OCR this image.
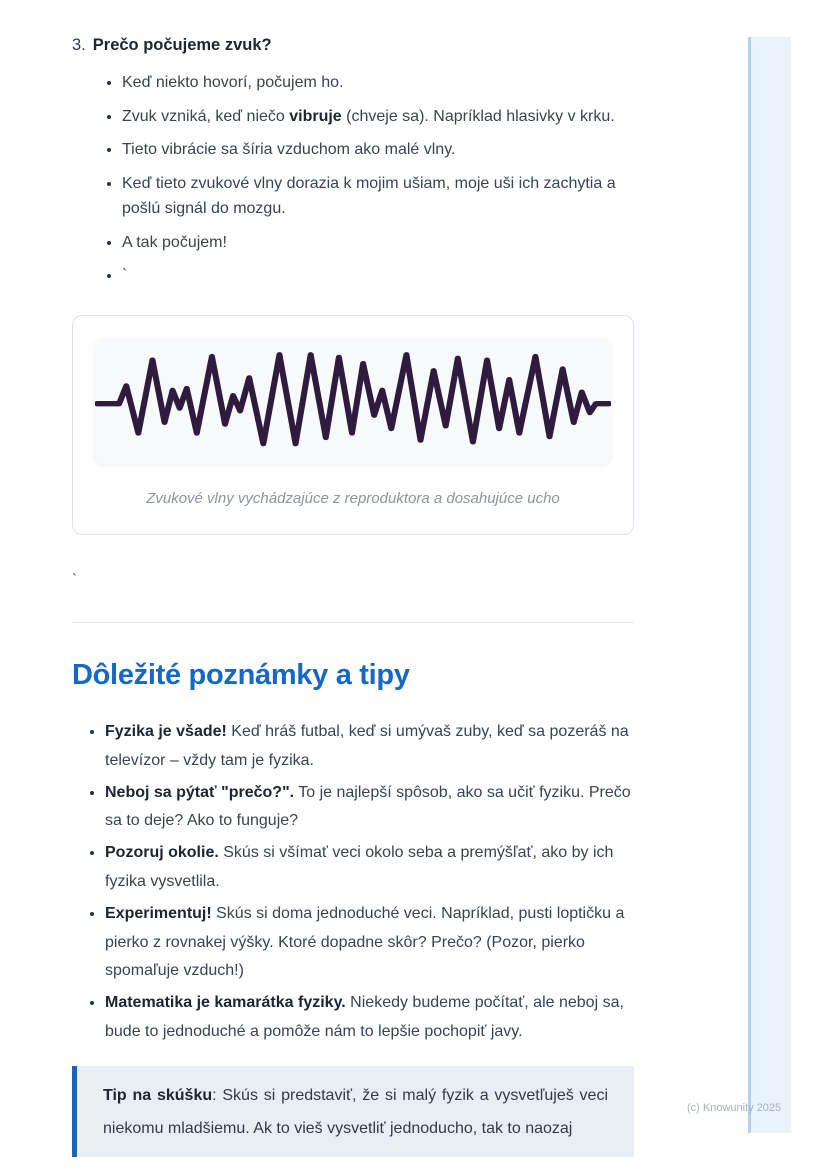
(c) Knowunity 2025
3. Prečo počujeme zvuk?
• Keď niekto hovorí, počujem ho.
• Zvuk vzniká, keď niečo vibruje (chveje sa). Napríklad hlasivky v krku.
• Tieto vibrácie sa šíria vzduchom ako malé vlny.
• Keď tieto zvukové vlny dorazia k mojim ušiam, moje uši ich zachytia a pošlú signál do mozgu.
• A tak počujem!
• `
Zvukové vlny vychádzajúce z reproduktora a dosahujúce ucho
`
Dôležité poznámky a tipy
• Fyzika je všade! Keď hráš futbal, keď si umývaš zuby, keď sa pozeráš na televízor – vždy tam je fyzika.
• Neboj sa pýtať "prečo?". To je najlepší spôsob, ako sa učiť fyziku. Prečo sa to deje? Ako to funguje?
• Pozoruj okolie. Skús si všímať veci okolo seba a premýšľať, ako by ich fyzika vysvetlila.
• Experimentuj! Skús si doma jednoduché veci. Napríklad, pusti loptičku a pierko z rovnakej výšky. Ktoré dopadne skôr? Prečo? (Pozor, pierko spomaľuje vzduch!)
• Matematika je kamarátka fyziky. Niekedy budeme počítať, ale neboj sa, bude to jednoduché a pomôže nám to lepšie pochopiť javy.
Tip na skúšku: Skús si predstaviť, že si malý fyzik a vysvetľuješ veci niekomu mladšiemu. Ak to vieš vysvetliť jednoducho, tak to naozaj
